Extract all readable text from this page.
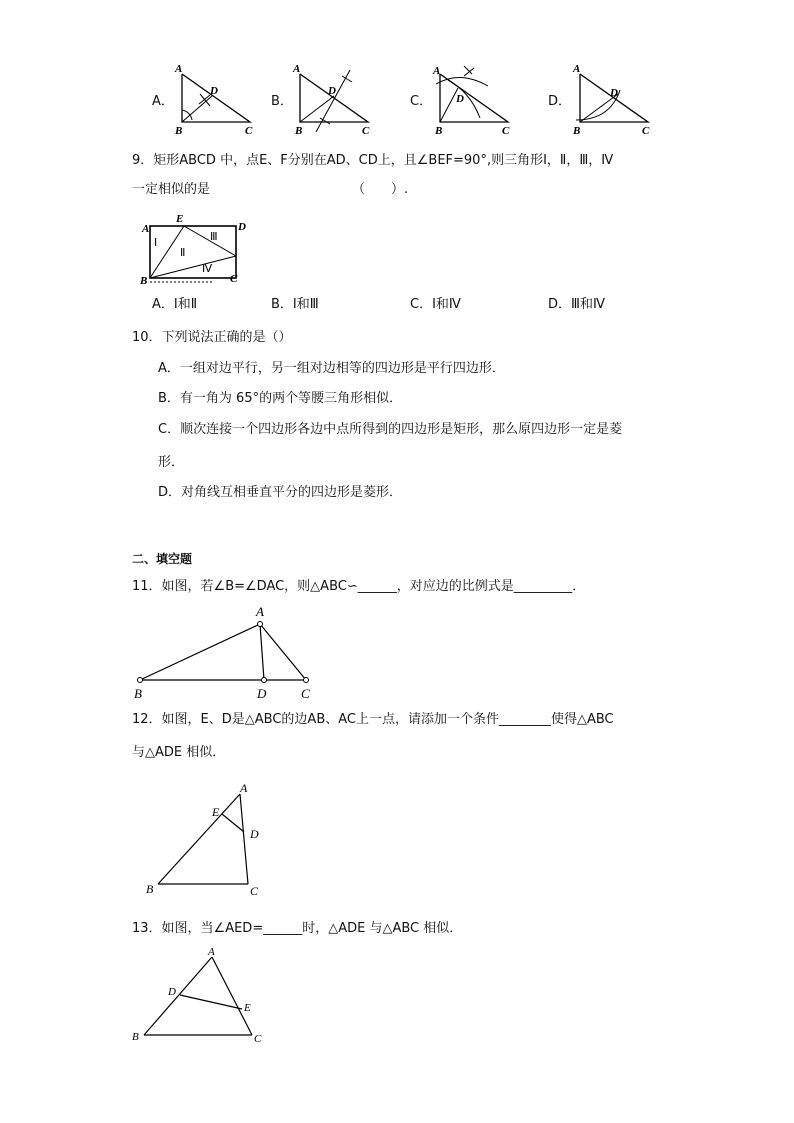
A．
A
D
B	C
B．
A
D
B	C
C．
A
D
B	C
D．
A
D
B	C
9．矩形ABCD 中，点E、F分别在AD、CD上，且∠BEF=90°,则三角形Ⅰ，Ⅱ，Ⅲ，Ⅳ
一定相似的是	（　　）.
A
E
D
B	C
Ⅰ
Ⅱ
Ⅲ
Ⅳ
A．Ⅰ和Ⅱ	B．Ⅰ和Ⅲ	C．Ⅰ和Ⅳ	D．Ⅲ和Ⅳ
10．下列说法正确的是（）
A．一组对边平行，另一组对边相等的四边形是平行四边形．
B．有一角为 65°的两个等腰三角形相似．
C．顺次连接一个四边形各边中点所得到的四边形是矩形，那么原四边形一定是菱
形．
D．对角线互相垂直平分的四边形是菱形．
二、填空题
11．如图，若∠B=∠DAC，则△ABC∽______，对应边的比例式是_________．
A
B	D	C
12．如图，E、D是△ABC的边AB、AC上一点，请添加一个条件________使得△ABC
与△ADE 相似．
A
E
D
B	C
13．如图，当∠AED=______时，△ADE 与△ABC 相似．
A
D
E
B	C
